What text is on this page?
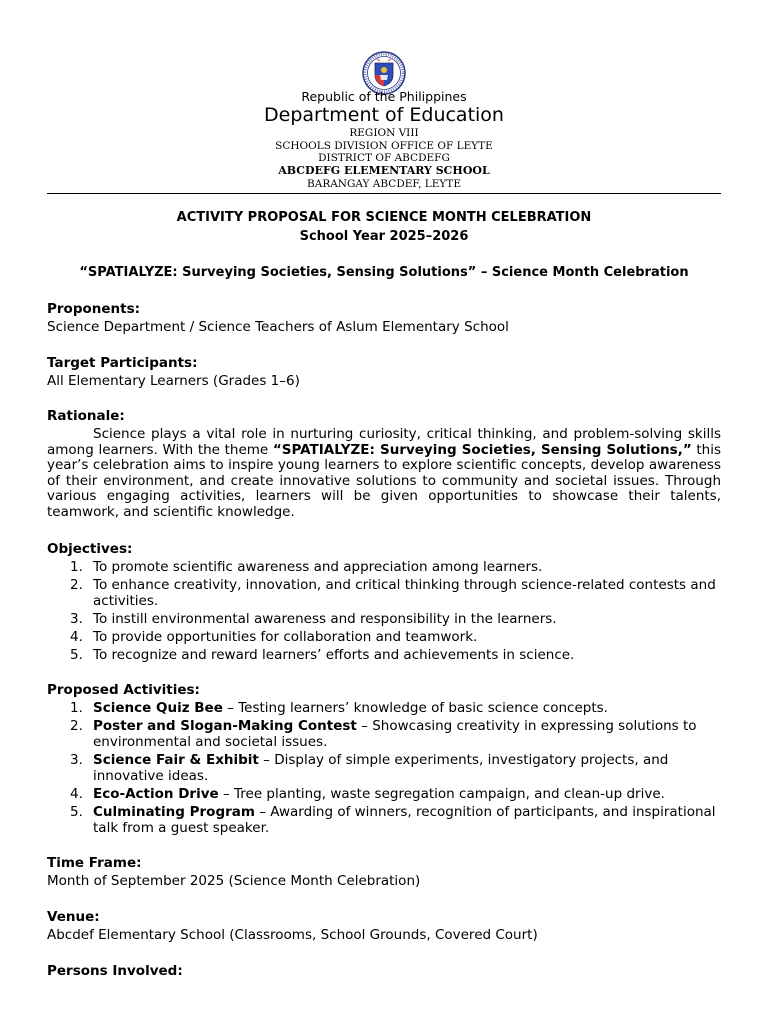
Republic of the Philippines
Department of Education
REGION VIII
SCHOOLS DIVISION OFFICE OF LEYTE
DISTRICT OF ABCDEFG
ABCDEFG ELEMENTARY SCHOOL
BARANGAY ABCDEF, LEYTE
ACTIVITY PROPOSAL FOR SCIENCE MONTH CELEBRATION
School Year 2025–2026
“SPATIALYZE: Surveying Societies, Sensing Solutions” – Science Month Celebration
Proponents:
Science Department / Science Teachers of Aslum Elementary School
Target Participants:
All Elementary Learners (Grades 1–6)
Rationale:
Science plays a vital role in nurturing curiosity, critical thinking, and problem-solving skills among learners. With the theme “SPATIALYZE: Surveying Societies, Sensing Solutions,” this year’s celebration aims to inspire young learners to explore scientific concepts, develop awareness of their environment, and create innovative solutions to community and societal issues. Through various engaging activities, learners will be given opportunities to showcase their talents, teamwork, and scientific knowledge.
Objectives:
1. To promote scientific awareness and appreciation among learners.
2. To enhance creativity, innovation, and critical thinking through science-related contests and activities.
3. To instill environmental awareness and responsibility in the learners.
4. To provide opportunities for collaboration and teamwork.
5. To recognize and reward learners’ efforts and achievements in science.
Proposed Activities:
1. Science Quiz Bee – Testing learners’ knowledge of basic science concepts.
2. Poster and Slogan-Making Contest – Showcasing creativity in expressing solutions to environmental and societal issues.
3. Science Fair & Exhibit – Display of simple experiments, investigatory projects, and innovative ideas.
4. Eco-Action Drive – Tree planting, waste segregation campaign, and clean-up drive.
5. Culminating Program – Awarding of winners, recognition of participants, and inspirational talk from a guest speaker.
Time Frame:
Month of September 2025 (Science Month Celebration)
Venue:
Abcdef Elementary School (Classrooms, School Grounds, Covered Court)
Persons Involved:
